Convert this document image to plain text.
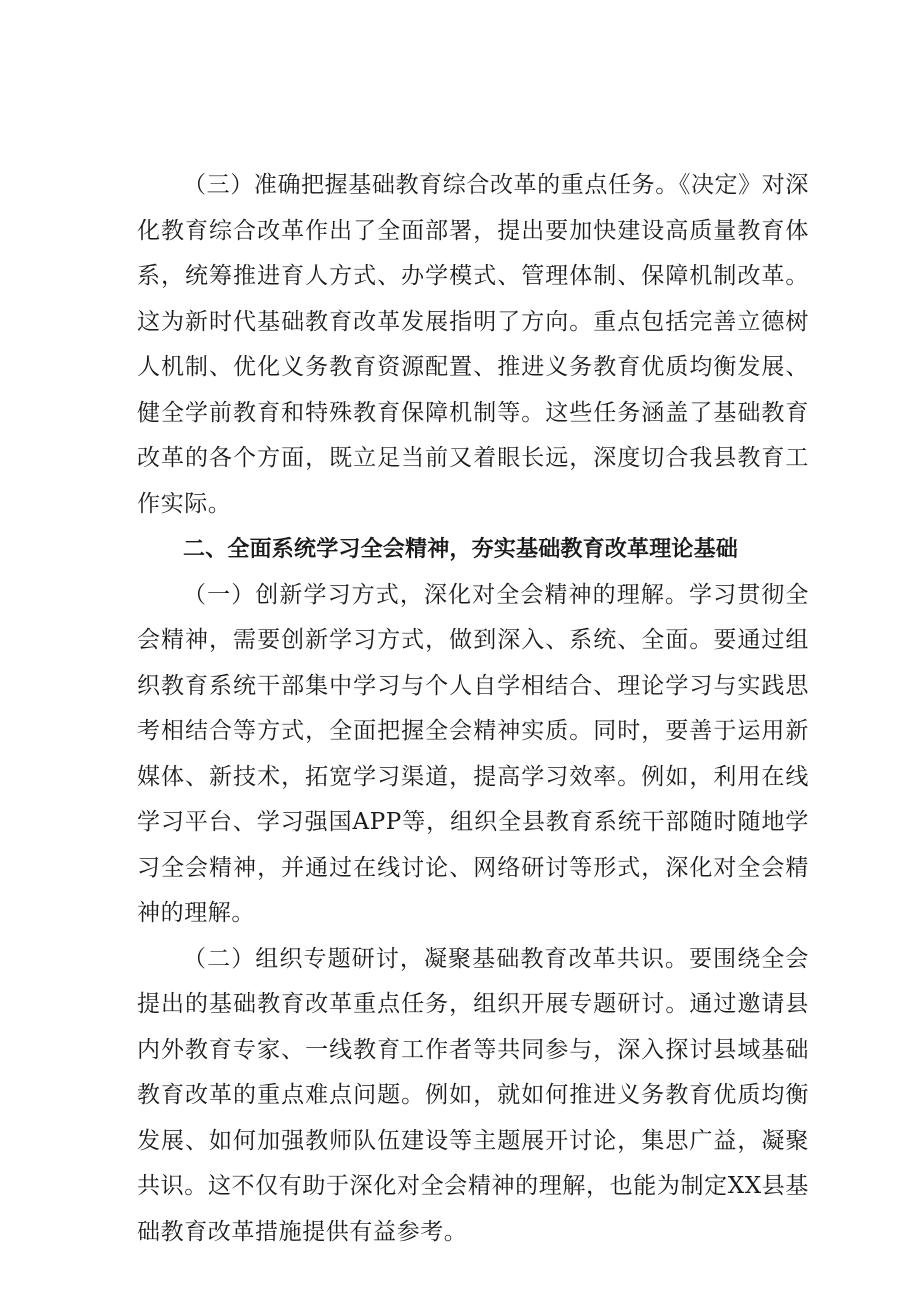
（三）准确把握基础教育综合改革的重点任务。《决定》对深化教育综合改革作出了全面部署，提出要加快建设高质量教育体系，统筹推进育人方式、办学模式、管理体制、保障机制改革。这为新时代基础教育改革发展指明了方向。重点包括完善立德树人机制、优化义务教育资源配置、推进义务教育优质均衡发展、健全学前教育和特殊教育保障机制等。这些任务涵盖了基础教育改革的各个方面，既立足当前又着眼长远，深度切合我县教育工作实际。

二、全面系统学习全会精神，夯实基础教育改革理论基础

（一）创新学习方式，深化对全会精神的理解。学习贯彻全会精神，需要创新学习方式，做到深入、系统、全面。要通过组织教育系统干部集中学习与个人自学相结合、理论学习与实践思考相结合等方式，全面把握全会精神实质。同时，要善于运用新媒体、新技术，拓宽学习渠道，提高学习效率。例如，利用在线学习平台、学习强国APP等，组织全县教育系统干部随时随地学习全会精神，并通过在线讨论、网络研讨等形式，深化对全会精神的理解。

（二）组织专题研讨，凝聚基础教育改革共识。要围绕全会提出的基础教育改革重点任务，组织开展专题研讨。通过邀请县内外教育专家、一线教育工作者等共同参与，深入探讨县域基础教育改革的重点难点问题。例如，就如何推进义务教育优质均衡发展、如何加强教师队伍建设等主题展开讨论，集思广益，凝聚共识。这不仅有助于深化对全会精神的理解，也能为制定XX县基础教育改革措施提供有益参考。
